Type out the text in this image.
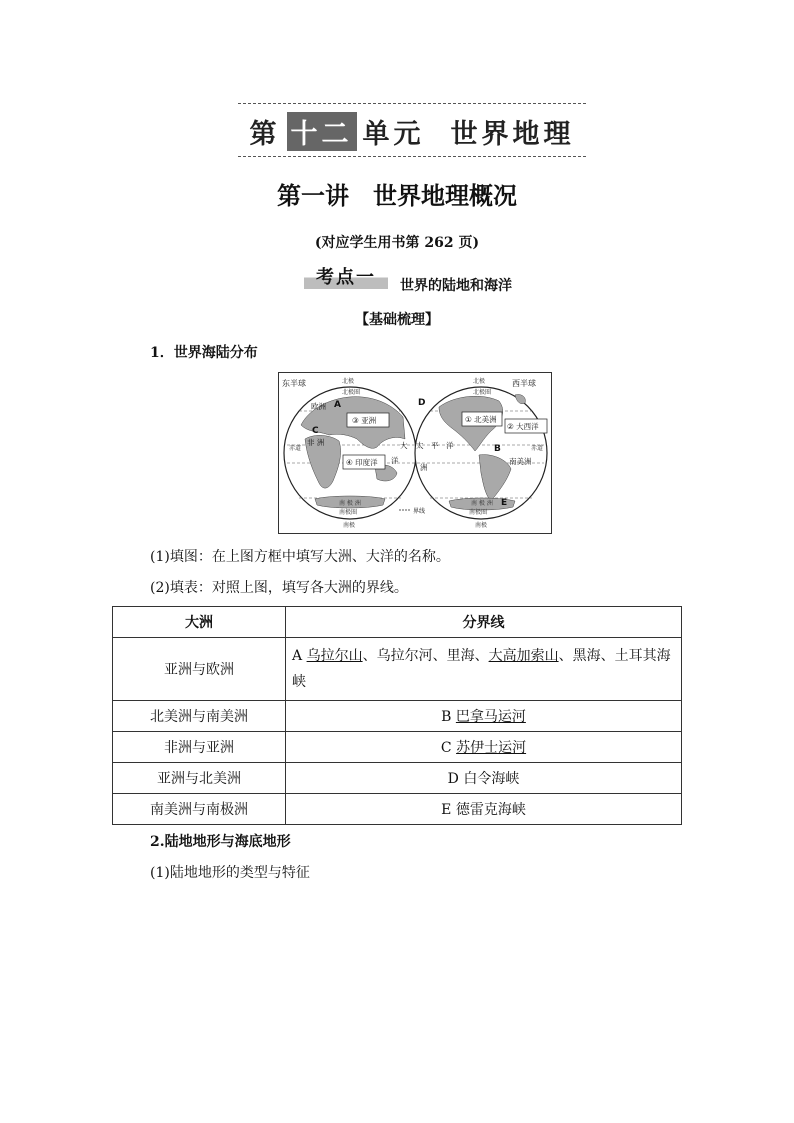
第 十二 单元 世界地理
第一讲　世界地理概况
(对应学生用书第 262 页)
考点一	世界的陆地和海洋
【基础梳理】
1．世界海陆分布
③ 亚洲
④ 印度洋
① 北美洲
② 大西洋
东半球	西半球
北极	北极
北极圈	北极圈
赤道	赤道
南 极 洲	南 极 洲
南极圈	南极圈
南极	南极
欧洲
非 洲	太　平　洋
南美洲
大
洋
洲
A
B
C
D
E
界线
(1)填图：在上图方框中填写大洲、大洋的名称。
(2)填表：对照上图，填写各大洲的界线。
大洲	分界线
亚洲与欧洲	A 乌拉尔山、乌拉尔河、里海、大高加索山、黑海、土耳其海峡
北美洲与南美洲	B 巴拿马运河
非洲与亚洲	C 苏伊士运河
亚洲与北美洲	D 白令海峡
南美洲与南极洲	E 德雷克海峡
2.陆地地形与海底地形
(1)陆地地形的类型与特征
